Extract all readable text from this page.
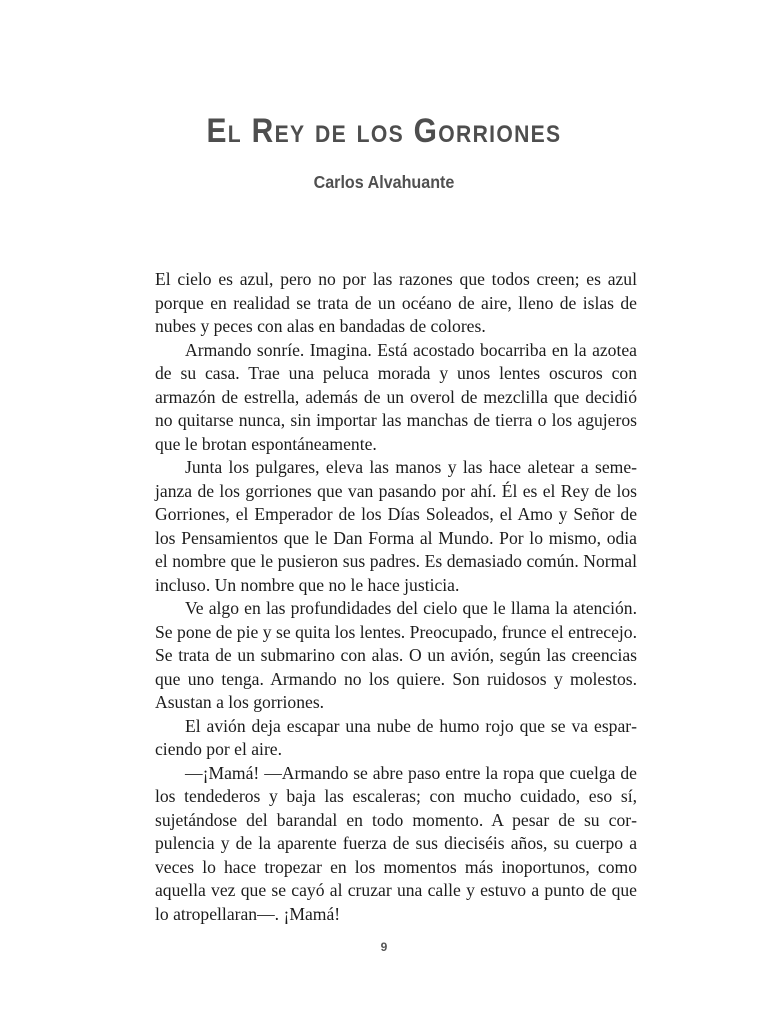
El Rey de los Gorriones
Carlos Alvahuante

El cielo es azul, pero no por las razones que todos creen; es azul porque en realidad se trata de un océano de aire, lleno de islas de nubes y peces con alas en bandadas de colores.

Armando sonríe. Imagina. Está acostado bocarriba en la azotea de su casa. Trae una peluca morada y unos lentes oscuros con armazón de estrella, además de un overol de mezclilla que decidió no quitarse nunca, sin importar las manchas de tierra o los agujeros que le brotan espontáneamente.

Junta los pulgares, eleva las manos y las hace aletear a semejanza de los gorriones que van pasando por ahí. Él es el Rey de los Gorriones, el Emperador de los Días Soleados, el Amo y Señor de los Pensamientos que le Dan Forma al Mundo. Por lo mismo, odia el nombre que le pusieron sus padres. Es demasiado común. Normal incluso. Un nombre que no le hace justicia.

Ve algo en las profundidades del cielo que le llama la atención. Se pone de pie y se quita los lentes. Preocupado, frunce el entrecejo. Se trata de un submarino con alas. O un avión, según las creencias que uno tenga. Armando no los quiere. Son ruidosos y molestos. Asustan a los gorriones.

El avión deja escapar una nube de humo rojo que se va esparciendo por el aire.

—¡Mamá! —Armando se abre paso entre la ropa que cuelga de los tendederos y baja las escaleras; con mucho cuidado, eso sí, sujetándose del barandal en todo momento. A pesar de su corpulencia y de la aparente fuerza de sus dieciséis años, su cuerpo a veces lo hace tropezar en los momentos más inoportunos, como aquella vez que se cayó al cruzar una calle y estuvo a punto de que lo atropellaran—. ¡Mamá!

9
